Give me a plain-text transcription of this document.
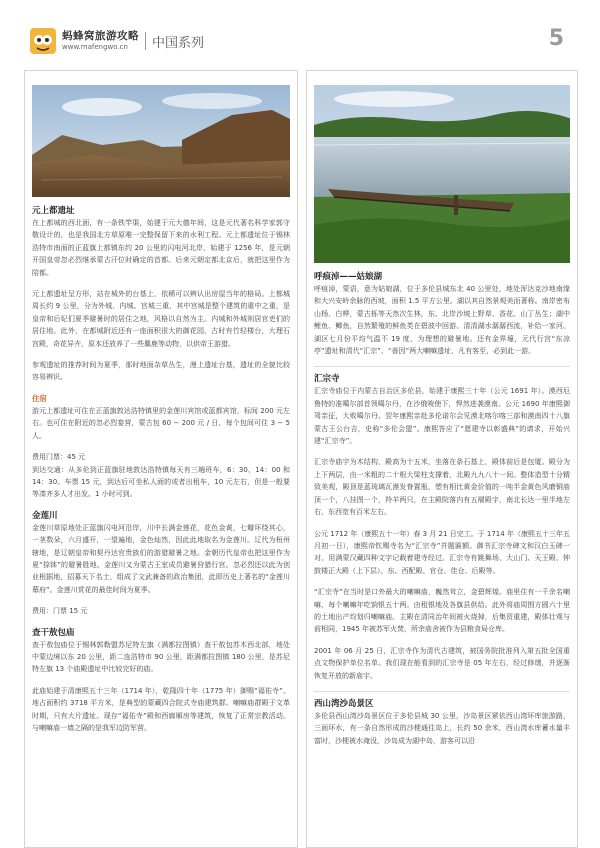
蚂蜂窝旅游攻略
www.mafengwo.cn 中国系列	5
元上都遗址

在上都城的西北面，有一条铁竿渠，始建于元大德年间，这是元代著名科学家郭守敬设计的，也是我国北方草原唯一完整保留下来的水利工程。元上都遗址位于锡林浩特市南面的正蓝旗上都镇东约 20 公里的闪电河北岸，始建于 1256 年，是元朝开国皇帝忽必烈继承蒙古汗位时确定的首都。后来元朝定都北京后，就把这里作为陪都。

元上都遗址呈方形，站在城外的台基上，依稀可以辨认出房屋当年的格局。上都城周长约 9 公里，分为外城、内城、宫城三重，其中宫城是整个建筑的重中之重，是皇帝和后妃们夏季避暑时的居住之地，风格以自然为主。内城和外城则居官吏们的居住地。此外，在都城附近还有一座面积很大的御花园，古时有竹轻楼台，大理石宫殿，奇花异卉，原本还放养了一些麋鹿等动物，以供帝王游猎。

参观遗址的推荐时间为夏季，那时地面杂草丛生，漫上遗址台基，遗址的全貌比较容易辨识。

住宿

游元上都遗址可住在正蓝旗敦达浩特镇里的金莲川宾馆或蓝都宾馆，标间 200 元左右。也可住在附近的忽必烈宴营，蒙古包 60 − 200 元 / 日，每个包间可住 3 − 5 人。

费用门票：45 元

到达交通：从多伦到正蓝旗驻地敦达浩特镇每天有三趟班车，6：30、14：00 和 14：30。车票 15 元，到达后可坐私人面的或者出租车，10 元左右，但是一般要等凑齐多人才出发。1 小时可到。

金莲川

金莲川草原地处正蓝旗闪电河沿岸，川中长满金莲花，花色金黄，七瓣环绕其心，一茎数朵，六月盛开，一望遍地，金色灿然，因此此地取名为金莲川。辽代为桓州辖地，是辽朝皇帝和契丹达官贵族们的游猎避暑之地。金朝历代皇帝也把这里作为夏“捺钵”的避暑胜地。金莲川又为蒙古王室成员避暑狩猎行宫。忽必烈还以此为创业根据地，招募天下名士，组成了文武兼备的政治集团，此即历史上著名的“金莲川幕府”。金莲川赏花的最佳时间为夏季。

费用：门票 15 元

查干敖包庙

查干敖包庙位于锡林郭勒盟苏尼特左旗（满都拉图镇）查干敖包苏木西北部，地处中蒙边境以东 20 公里，距二连浩特市 90 公里，距满都拉图镇 180 公里，是苏尼特左旗 13 个庙殿遗址中比较完好的庙。

此庙始建于清康熙五十三年（1714 年），乾隆四十年（1775 年）御赐“福佑寺”。地占面积约 3718 平方米，是典型的蒙藏四合院式寺庙建筑群。喇嘛庙群殿于文革时期，只有大片遗址。现存“福佑寺”殿和西廊厢房等建筑，恢复了正常宗教活动。与喇嘛庙一墙之隔的是我军边防军营。

呼痕淖——姑娘湖

呼痕淖，蒙语，意为姑娘湖，位于多伦县城东北 40 公里处，地处浑达克沙地南缘和大兴安岭余脉的西坡，面积 1.5 平方公里。湖以其自然景观美而著称。南岸密布山杨、白桦，蒙古栎等天然次生林，东、北岸沙坡上野草、香花、山丁丛生；湖中鲤鱼、鲫鱼，自然繁殖的鲜鱼类在碧波中回游。清清湖水潺潺西流，补给一家河。湖区七月份平均气温不 19 度，为理想的避暑地。还有金界壕，元代行宫“东凉亭”遗址和清代“汇宗”、“善因”两大喇嘛遗址，凡有客至，必到此一游。

汇宗寺

汇宗寺庙位于内蒙古自治区多伦县，始建于康熙三十年（公元 1691 年）。漠西厄鲁特的准噶尔部首领噶尔丹，在沙俄唆使下，悍然进袭漠南。公元 1690 年康熙御驾亲征，大败噶尔丹。翌年康熙亲赴多伦诺尔会见漠北喀尔喀三部和漠南四十八旗蒙古王公台吉，史称“多伦会盟”。康熙答应了“愿建寺以彰盛典”的请求，开始兴建“汇宗寺”。

汇宗寺庙宇为木结构，殿高为十五米，坐落在条石基上，殿体前后是包厦。殿分为上下两层，由一米粗的二十根大梁柱支撑着，北殿九九八十一间。整体造型十分精致美观，殿顶是蓝琉璃瓦漠发脊置瓶，塑有相比黄金价值的一吨半金黄色风磨铜庙顶一个，八挂图一个，羚羊两只，在主殿院落内有五層殿宇，南北长达一里半地左右，东西宽有百米左右。

公元 1712 年（康熙五十一年）春 3 月 21 日完工。于 1714 年（康熙五十三年五月初一日），康熙帝钦赐寺名为“汇宗寺”并题匾额。御书汇宗寺碑文和汉白玉碑一对。用满蒙汉藏四种文字记载着建寺经过。汇宗寺有跳舞场、大山门、天王殿、钟鼓楼正大殿（上下层）、东、西配殿、官仓、佳仓、后殿等。

“汇宗寺”在当时是口外最大的喇嘛庙，巍然耸立，金碧辉煌。庙里住有一千余名喇嘛，每个喇嘛年吃饷银五十两。由租银地及各旗县供给。此外将庙周围方圆六十里的土地出产均划归喇嘛庙。主殿在清同治年间被火烧掉，后集资重建，殿体壮观与前相同，1945 年被苏军火焚，所余庙舍被作为县粮食局仓库。

2001 年 06 月 25 日，汇宗寺作为清代古建筑，被国务院批准列入第五批全国重点文物保护单位名单。我们现在能看到的汇宗寺是 05 年左右，经过修缮，并逐渐恢复开放的新庙宇。

西山湾沙岛景区

多伦县西山湾沙岛景区位于多伦县城 30 公里，沙岛景区紧依西山湾环库旅游路，三面环水，有一条自然形成的沙梗通往岛上，长约 50 余米，西山湾水库蓄水量丰富时，沙梗被水淹没，沙岛成为湖中岛，游客可以沿
